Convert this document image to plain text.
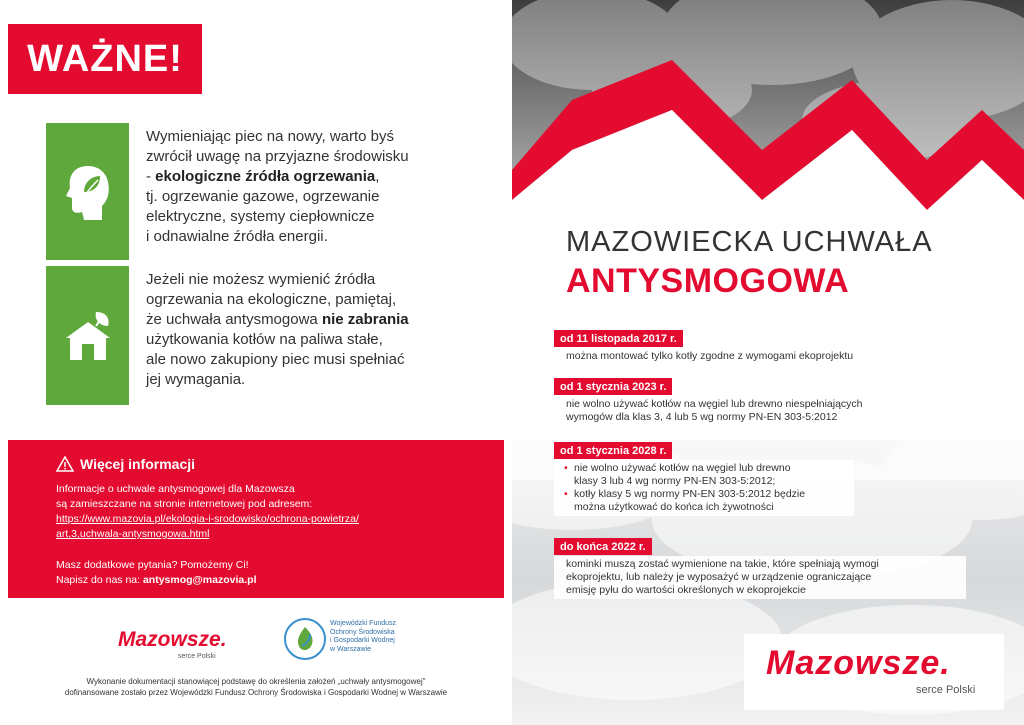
WAŻNE!
Wymieniając piec na nowy, warto byś
zwrócił uwagę na przyjazne środowisku
- ekologiczne źródła ogrzewania,
tj. ogrzewanie gazowe, ogrzewanie
elektryczne, systemy ciepłownicze
i odnawialne źródła energii.
Jeżeli nie możesz wymienić źródła
ogrzewania na ekologiczne, pamiętaj,
że uchwała antysmogowa nie zabrania
użytkowania kotłów na paliwa stałe,
ale nowo zakupiony piec musi spełniać
jej wymagania.
Więcej informacji
Informacje o uchwale antysmogowej dla Mazowsza
są zamieszczane na stronie internetowej pod adresem:
https://www.mazovia.pl/ekologia-i-srodowisko/ochrona-powietrza/
art,3,uchwala-antysmogowa.html
Masz dodatkowe pytania? Pomożemy Ci!
Napisz do nas na: antysmog@mazovia.pl
Mazowsze.
serce Polski
Wojewódzki Fundusz
Ochrony Środowiska
i Gospodarki Wodnej
w Warszawie
Wykonanie dokumentacji stanowiącej podstawę do określenia założeń „uchwały antysmogowej"
dofinansowane zostało przez Wojewódzki Fundusz Ochrony Środowiska i Gospodarki Wodnej w Warszawie
MAZOWIECKA UCHWAŁA
ANTYSMOGOWA
od 11 listopada 2017 r.
można montować tylko kotły zgodne z wymogami ekoprojektu
od 1 stycznia 2023 r.
nie wolno używać kotłów na węgiel lub drewno niespełniających
wymogów dla klas 3, 4 lub 5 wg normy PN-EN 303-5:2012
od 1 stycznia 2028 r.
• nie wolno używać kotłów na węgiel lub drewno
klasy 3 lub 4 wg normy PN-EN 303-5:2012;
• kotły klasy 5 wg normy PN-EN 303-5:2012 będzie
można użytkować do końca ich żywotności
do końca 2022 r.
kominki muszą zostać wymienione na takie, które spełniają wymogi
ekoprojektu, lub należy je wyposażyć w urządzenie ograniczające
emisję pyłu do wartości określonych w ekoprojekcie
Mazowsze.
serce Polski
